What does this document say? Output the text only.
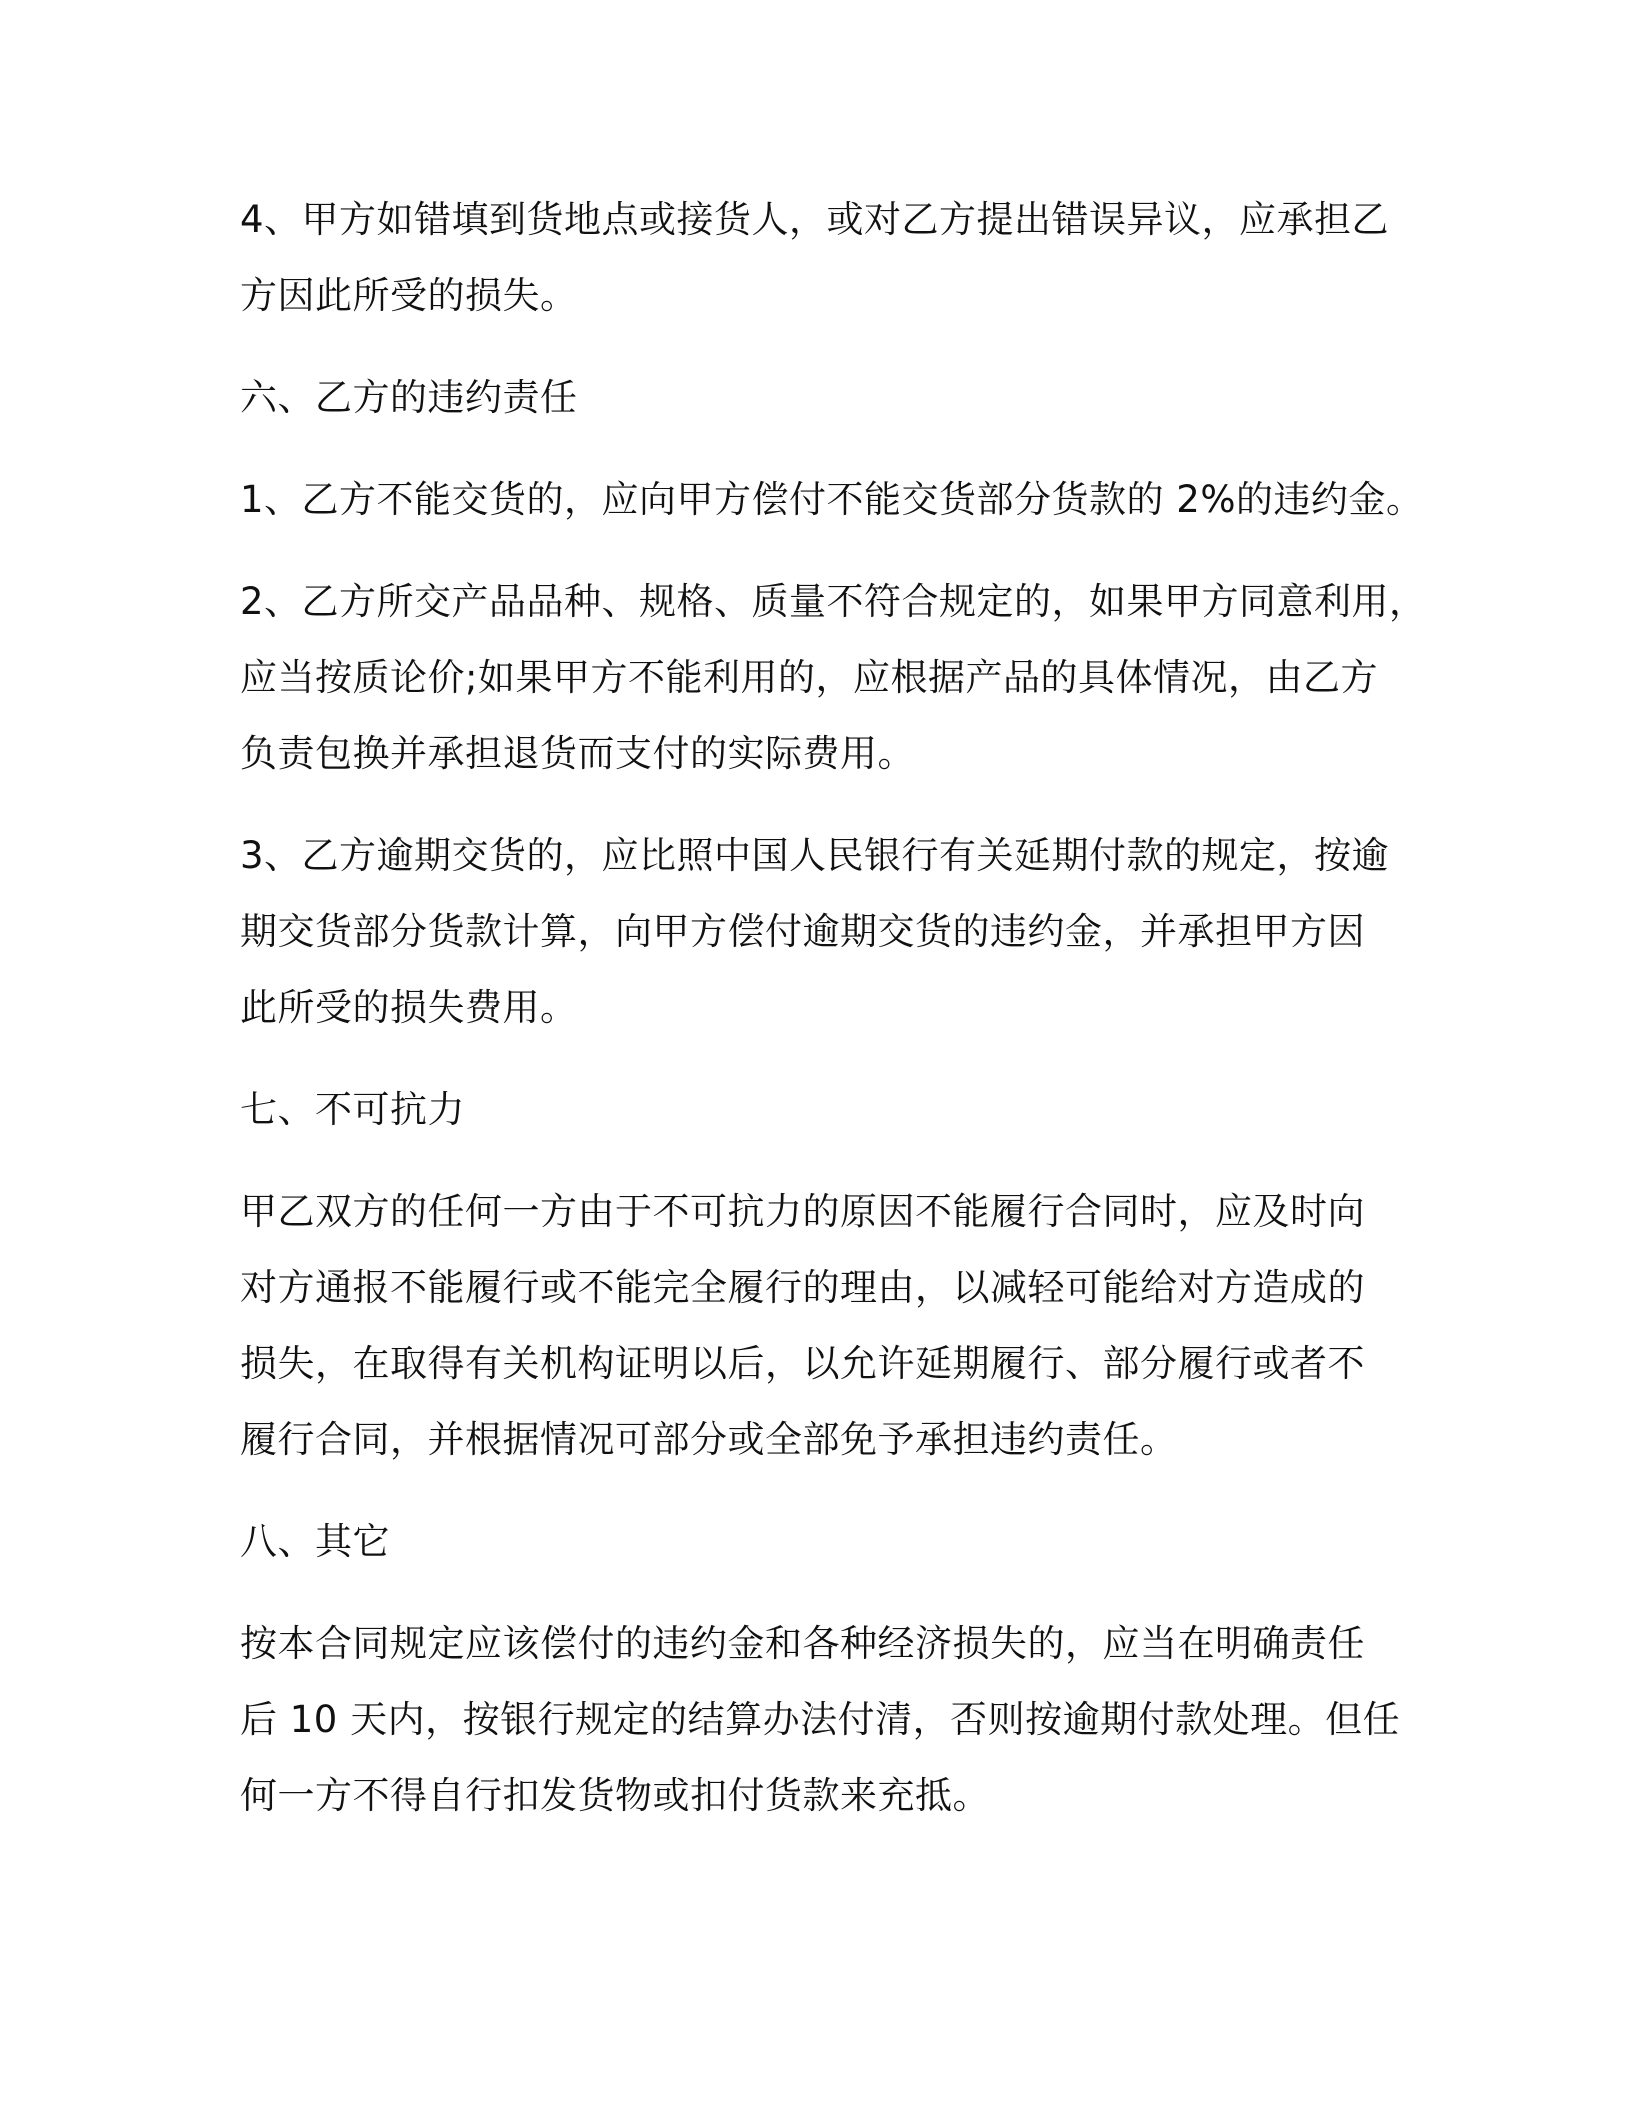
4、甲方如错填到货地点或接货人，或对乙方提出错误异议，应承担乙

方因此所受的损失。

六、乙方的违约责任

1、乙方不能交货的，应向甲方偿付不能交货部分货款的 2%的违约金。

2、乙方所交产品品种、规格、质量不符合规定的，如果甲方同意利用，

应当按质论价;如果甲方不能利用的，应根据产品的具体情况，由乙方

负责包换并承担退货而支付的实际费用。

3、乙方逾期交货的，应比照中国人民银行有关延期付款的规定，按逾

期交货部分货款计算，向甲方偿付逾期交货的违约金，并承担甲方因

此所受的损失费用。

七、不可抗力

甲乙双方的任何一方由于不可抗力的原因不能履行合同时，应及时向

对方通报不能履行或不能完全履行的理由，以减轻可能给对方造成的

损失，在取得有关机构证明以后，以允许延期履行、部分履行或者不

履行合同，并根据情况可部分或全部免予承担违约责任。

八、其它

按本合同规定应该偿付的违约金和各种经济损失的，应当在明确责任

后 10 天内，按银行规定的结算办法付清，否则按逾期付款处理。但任

何一方不得自行扣发货物或扣付货款来充抵。
